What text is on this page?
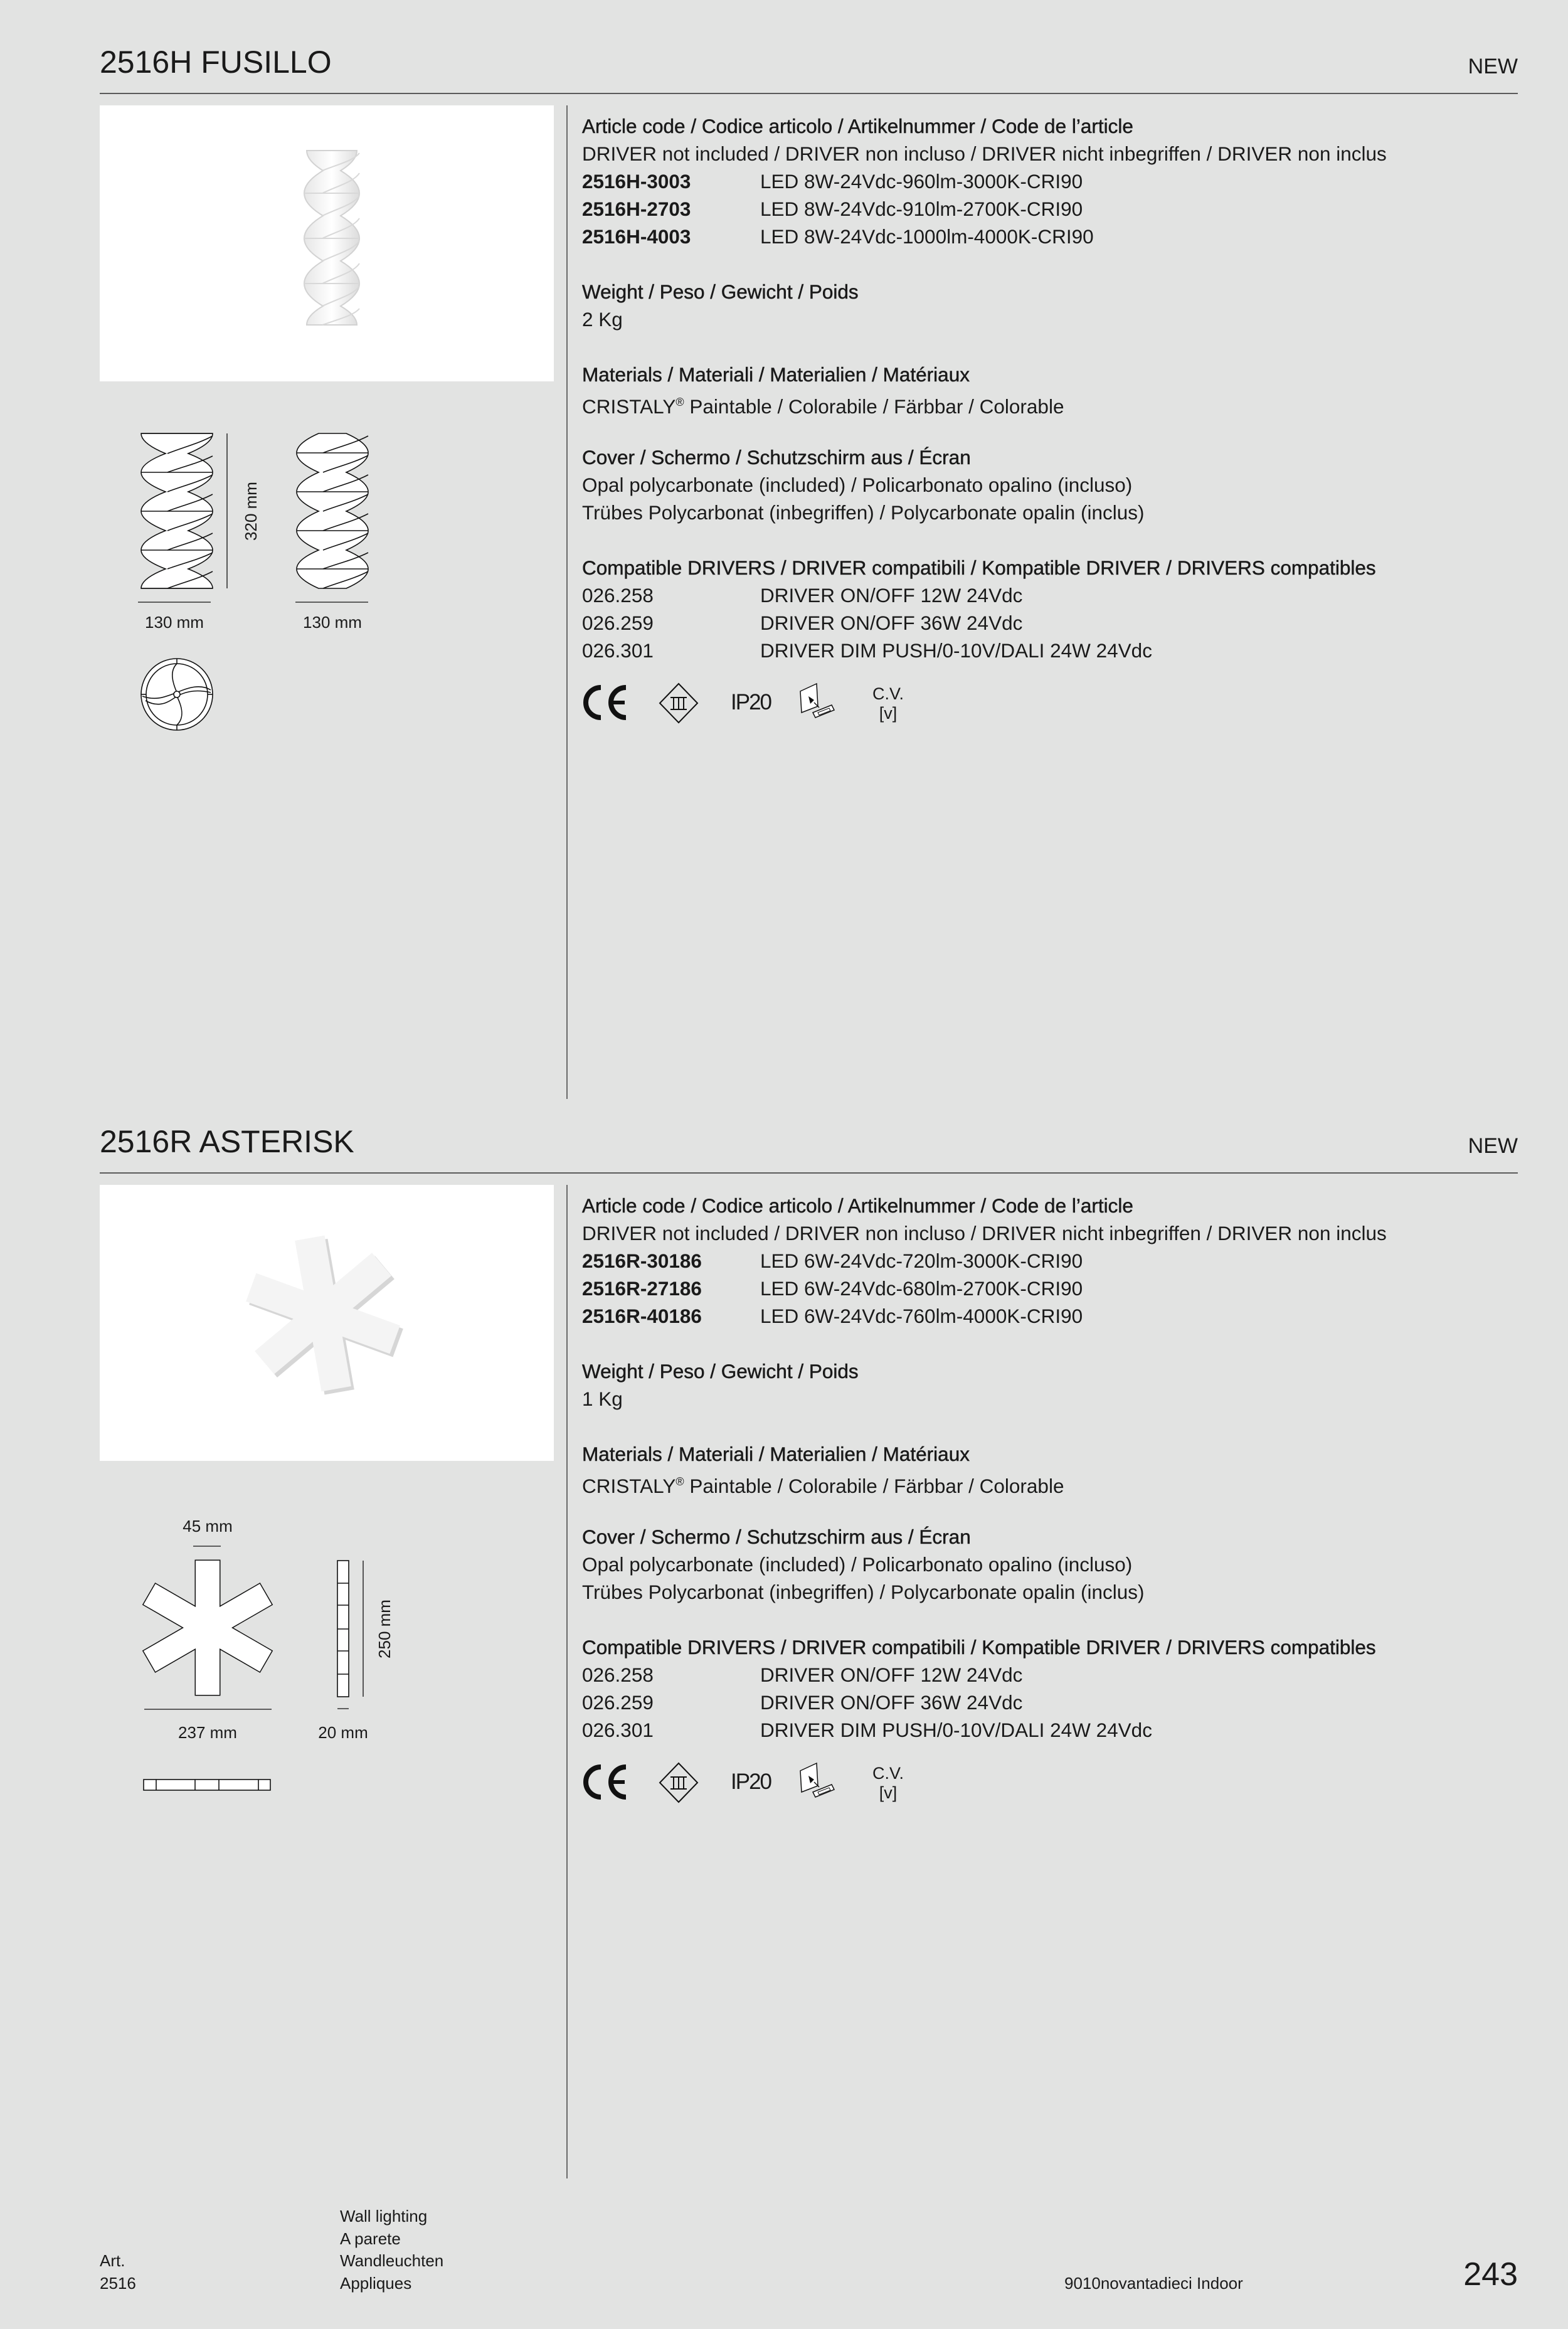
2516H FUSILLO	NEW
Article code / Codice articolo / Artikelnummer / Code de l’article
DRIVER not included / DRIVER non incluso / DRIVER nicht inbegriffen / DRIVER non inclus
2516H-3003	LED 8W-24Vdc-960lm-3000K-CRI90
2516H-2703	LED 8W-24Vdc-910lm-2700K-CRI90
2516H-4003	LED 8W-24Vdc-1000lm-4000K-CRI90
Weight / Peso / Gewicht / Poids
2 Kg
Materials / Materiali / Materialien / Matériaux
CRISTALY® Paintable / Colorabile / Färbbar / Colorable
Cover / Schermo / Schutzschirm aus / Écran
Opal polycarbonate (included) / Policarbonato opalino (incluso)
Trübes Polycarbonat (inbegriffen) / Polycarbonate opalin (inclus)
Compatible DRIVERS / DRIVER compatibili / Kompatible DRIVER / DRIVERS compatibles
026.258	DRIVER ON/OFF 12W 24Vdc
026.259	DRIVER ON/OFF 36W 24Vdc
026.301	DRIVER DIM PUSH/0-10V/DALI 24W 24Vdc
IP20	C.V.
[v]
320 mm
130 mm	130 mm
2516R ASTERISK	NEW
Article code / Codice articolo / Artikelnummer / Code de l’article
DRIVER not included / DRIVER non incluso / DRIVER nicht inbegriffen / DRIVER non inclus
2516R-30186	LED 6W-24Vdc-720lm-3000K-CRI90
2516R-27186	LED 6W-24Vdc-680lm-2700K-CRI90
2516R-40186	LED 6W-24Vdc-760lm-4000K-CRI90
Weight / Peso / Gewicht / Poids
1 Kg
Materials / Materiali / Materialien / Matériaux
CRISTALY® Paintable / Colorabile / Färbbar / Colorable
Cover / Schermo / Schutzschirm aus / Écran
Opal polycarbonate (included) / Policarbonato opalino (incluso)
Trübes Polycarbonat (inbegriffen) / Polycarbonate opalin (inclus)
Compatible DRIVERS / DRIVER compatibili / Kompatible DRIVER / DRIVERS compatibles
026.258	DRIVER ON/OFF 12W 24Vdc
026.259	DRIVER ON/OFF 36W 24Vdc
026.301	DRIVER DIM PUSH/0-10V/DALI 24W 24Vdc
IP20	C.V.
[v]
45 mm
250 mm
237 mm	20 mm
Art.
2516
Wall lighting
A parete
Wandleuchten
Appliques	9010novantadieci Indoor	243
